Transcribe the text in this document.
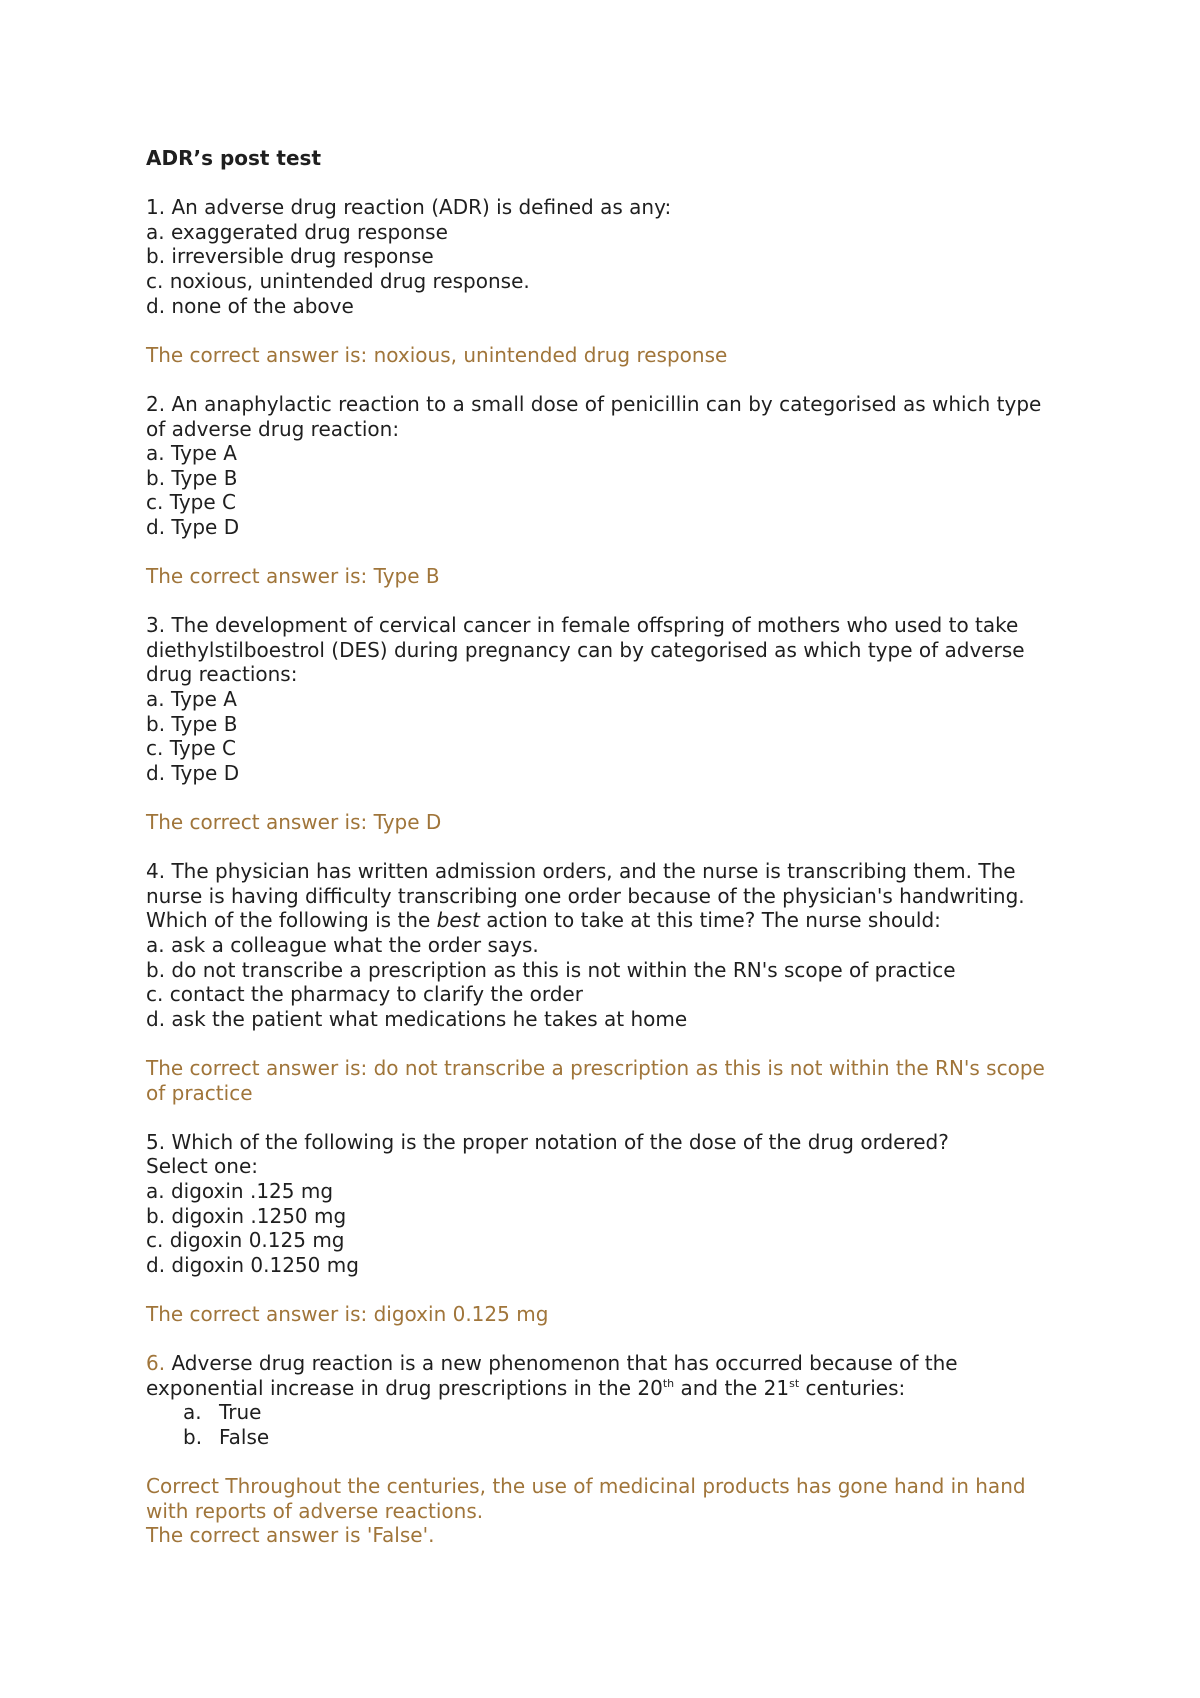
ADR’s post test
1. An adverse drug reaction (ADR) is defined as any:
a. exaggerated drug response
b. irreversible drug response
c. noxious, unintended drug response.
d. none of the above
The correct answer is: noxious, unintended drug response
2. An anaphylactic reaction to a small dose of penicillin can by categorised as which type of adverse drug reaction:
a. Type A
b. Type B
c. Type C
d. Type D
The correct answer is: Type B
3. The development of cervical cancer in female offspring of mothers who used to take diethylstilboestrol (DES) during pregnancy can by categorised as which type of adverse drug reactions:
a. Type A
b. Type B
c. Type C
d. Type D
The correct answer is: Type D
4. The physician has written admission orders, and the nurse is transcribing them. The nurse is having difficulty transcribing one order because of the physician's handwriting. Which of the following is the best action to take at this time? The nurse should:
a. ask a colleague what the order says.
b. do not transcribe a prescription as this is not within the RN's scope of practice
c. contact the pharmacy to clarify the order
d. ask the patient what medications he takes at home
The correct answer is: do not transcribe a prescription as this is not within the RN's scope of practice
5. Which of the following is the proper notation of the dose of the drug ordered?
Select one:
a. digoxin .125 mg
b. digoxin .1250 mg
c. digoxin 0.125 mg
d. digoxin 0.1250 mg
The correct answer is: digoxin 0.125 mg
6. Adverse drug reaction is a new phenomenon that has occurred because of the exponential increase in drug prescriptions in the 20th and the 21st centuries:
a. True
b. False
Correct Throughout the centuries, the use of medicinal products has gone hand in hand with reports of adverse reactions.
The correct answer is 'False'.
